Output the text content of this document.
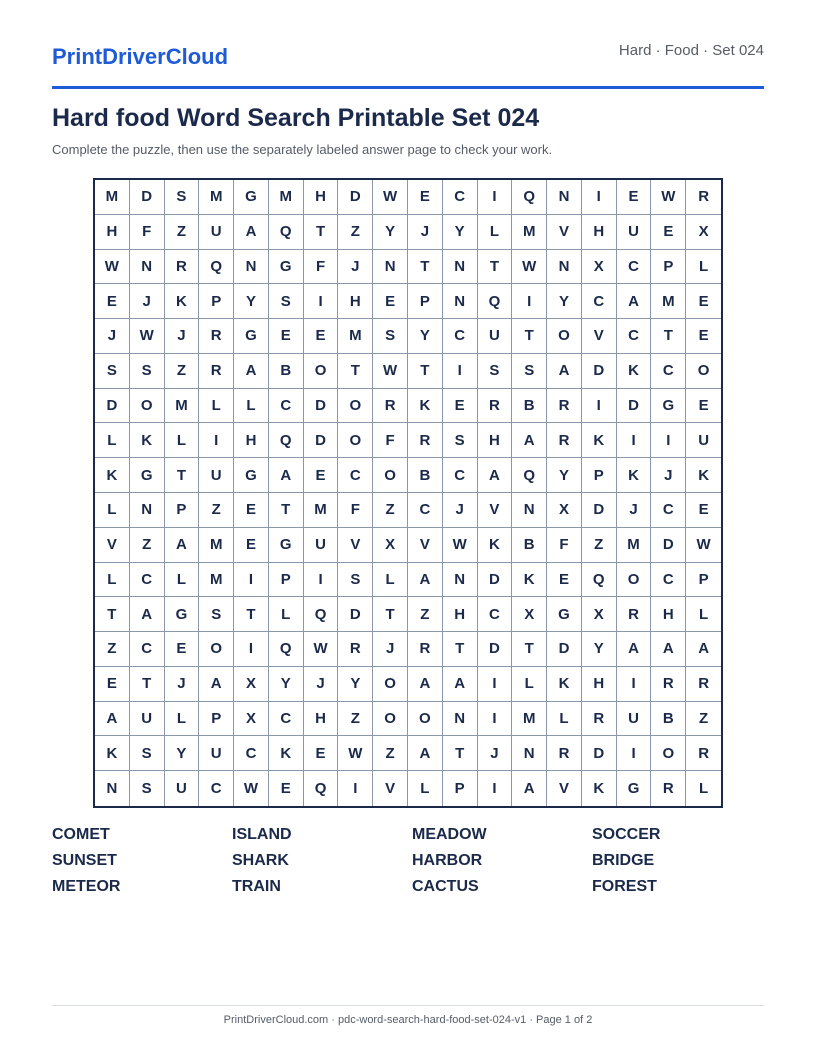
PrintDriverCloud	Hard · Food · Set 024
Hard food Word Search Printable Set 024
Complete the puzzle, then use the separately labeled answer page to check your work.
M	D	S	M	G	M	H	D	W	E	C	I	Q	N	I	E	W	R
H	F	Z	U	A	Q	T	Z	Y	J	Y	L	M	V	H	U	E	X
W	N	R	Q	N	G	F	J	N	T	N	T	W	N	X	C	P	L
E	J	K	P	Y	S	I	H	E	P	N	Q	I	Y	C	A	M	E
J	W	J	R	G	E	E	M	S	Y	C	U	T	O	V	C	T	E
S	S	Z	R	A	B	O	T	W	T	I	S	S	A	D	K	C	O
D	O	M	L	L	C	D	O	R	K	E	R	B	R	I	D	G	E
L	K	L	I	H	Q	D	O	F	R	S	H	A	R	K	I	I	U
K	G	T	U	G	A	E	C	O	B	C	A	Q	Y	P	K	J	K
L	N	P	Z	E	T	M	F	Z	C	J	V	N	X	D	J	C	E
V	Z	A	M	E	G	U	V	X	V	W	K	B	F	Z	M	D	W
L	C	L	M	I	P	I	S	L	A	N	D	K	E	Q	O	C	P
T	A	G	S	T	L	Q	D	T	Z	H	C	X	G	X	R	H	L
Z	C	E	O	I	Q	W	R	J	R	T	D	T	D	Y	A	A	A
E	T	J	A	X	Y	J	Y	O	A	A	I	L	K	H	I	R	R
A	U	L	P	X	C	H	Z	O	O	N	I	M	L	R	U	B	Z
K	S	Y	U	C	K	E	W	Z	A	T	J	N	R	D	I	O	R
N	S	U	C	W	E	Q	I	V	L	P	I	A	V	K	G	R	L
COMET	ISLAND	MEADOW	SOCCER
SUNSET	SHARK	HARBOR	BRIDGE
METEOR	TRAIN	CACTUS	FOREST
PrintDriverCloud.com · pdc-word-search-hard-food-set-024-v1 · Page 1 of 2
